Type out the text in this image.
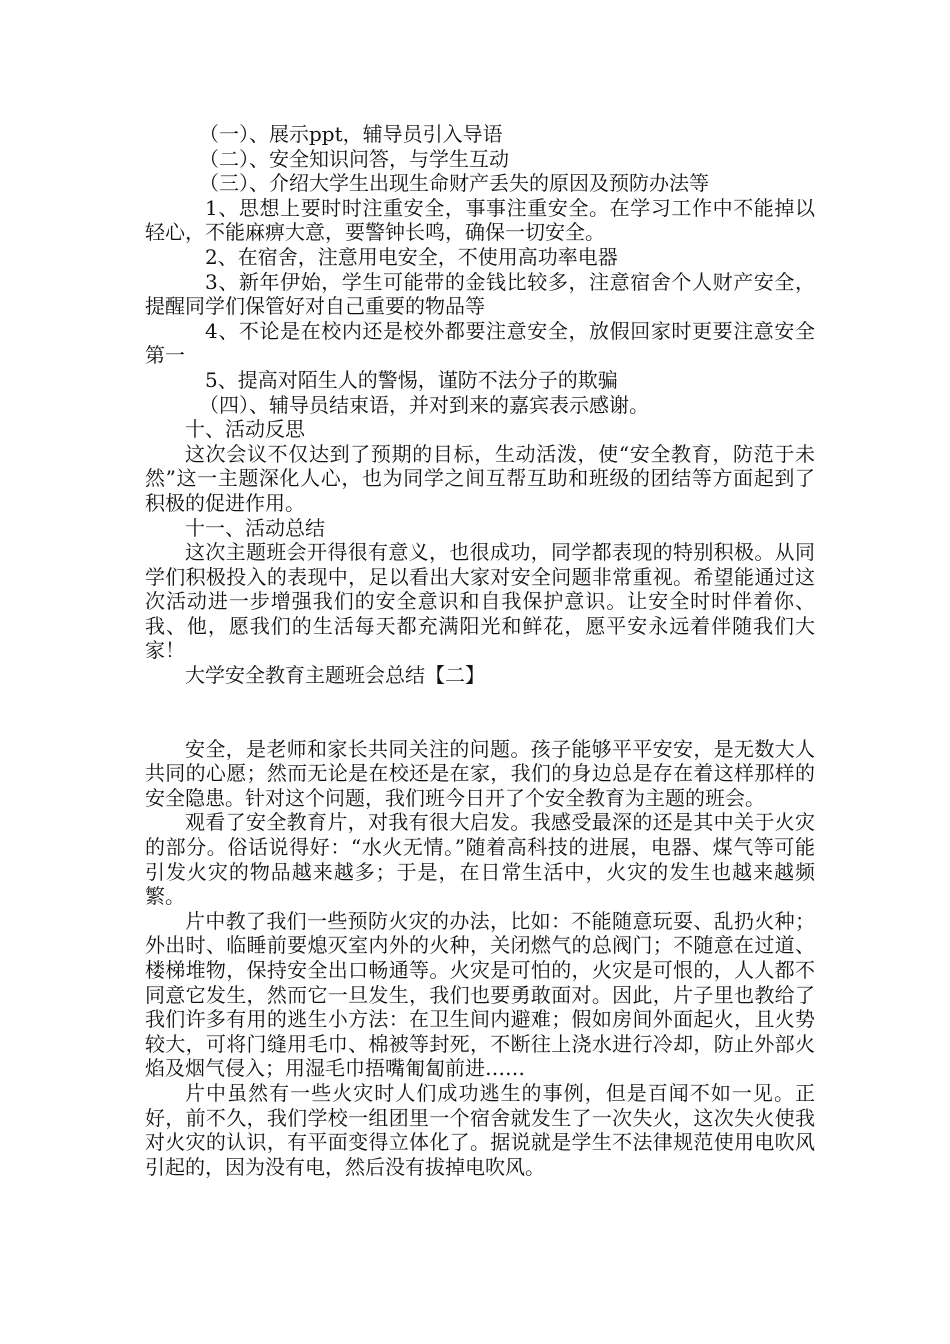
（一）、展示ppt，辅导员引入导语

（二）、安全知识问答，与学生互动

（三）、介绍大学生出现生命财产丢失的原因及预防办法等

1、思想上要时时注重安全，事事注重安全。在学习工作中不能掉以轻心，不能麻痹大意，要警钟长鸣，确保一切安全。

2、在宿舍，注意用电安全，不使用高功率电器

3、新年伊始，学生可能带的金钱比较多，注意宿舍个人财产安全，提醒同学们保管好对自己重要的物品等

4、不论是在校内还是校外都要注意安全，放假回家时更要注意安全第一

5、提高对陌生人的警惕，谨防不法分子的欺骗

（四）、辅导员结束语，并对到来的嘉宾表示感谢。

十、活动反思

这次会议不仅达到了预期的目标，生动活泼，使“安全教育，防范于未然”这一主题深化人心，也为同学之间互帮互助和班级的团结等方面起到了积极的促进作用。

十一、活动总结

这次主题班会开得很有意义，也很成功，同学都表现的特别积极。从同学们积极投入的表现中，足以看出大家对安全问题非常重视。希望能通过这次活动进一步增强我们的安全意识和自我保护意识。让安全时时伴着你、我、他，愿我们的生活每天都充满阳光和鲜花，愿平安永远着伴随我们大家！

大学安全教育主题班会总结【二】

安全，是老师和家长共同关注的问题。孩子能够平平安安，是无数大人共同的心愿；然而无论是在校还是在家，我们的身边总是存在着这样那样的安全隐患。针对这个问题，我们班今日开了个安全教育为主题的班会。

观看了安全教育片，对我有很大启发。我感受最深的还是其中关于火灾的部分。俗话说得好：“水火无情。”随着高科技的进展，电器、煤气等可能引发火灾的物品越来越多；于是，在日常生活中，火灾的发生也越来越频繁。

片中教了我们一些预防火灾的办法，比如：不能随意玩耍、乱扔火种；外出时、临睡前要熄灭室内外的火种，关闭燃气的总阀门；不随意在过道、楼梯堆物，保持安全出口畅通等。火灾是可怕的，火灾是可恨的，人人都不同意它发生，然而它一旦发生，我们也要勇敢面对。因此，片子里也教给了我们许多有用的逃生小方法：在卫生间内避难；假如房间外面起火，且火势较大，可将门缝用毛巾、棉被等封死，不断往上浇水进行冷却，防止外部火焰及烟气侵入；用湿毛巾捂嘴匍匐前进……

片中虽然有一些火灾时人们成功逃生的事例，但是百闻不如一见。正好，前不久，我们学校一组团里一个宿舍就发生了一次失火，这次失火使我对火灾的认识，有平面变得立体化了。据说就是学生不法律规范使用电吹风引起的，因为没有电，然后没有拔掉电吹风。
